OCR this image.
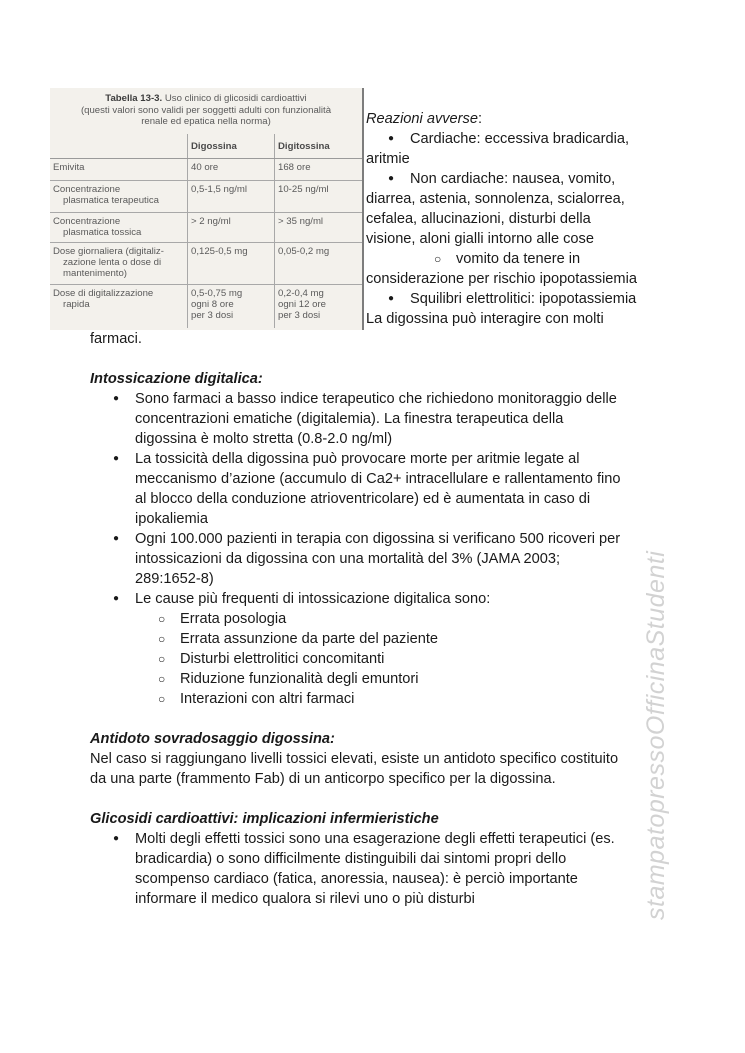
Tabella 13-3. Uso clinico di glicosidi cardioattivi
(questi valori sono validi per soggetti adulti con funzionalità
renale ed epatica nella norma)
	Digossina	Digitossina
Emivita	40 ore	168 ore
Concentrazione
plasmatica terapeutica	0,5-1,5 ng/ml	10-25 ng/ml
Concentrazione
plasmatica tossica	> 2 ng/ml	> 35 ng/ml
Dose giornaliera (digitaliz-
zazione lenta o dose di
mantenimento)	0,125-0,5 mg	0,05-0,2 mg
Dose di digitalizzazione
rapida	0,5-0,75 mg
ogni 8 ore
per 3 dosi	0,2-0,4 mg
ogni 12 ore
per 3 dosi
Reazioni avverse:
● Cardiache: eccessiva bradicardia,
aritmie
● Non cardiache: nausea, vomito,
diarrea, astenia, sonnolenza, scialorrea,
cefalea, allucinazioni, disturbi della
visione, aloni gialli intorno alle cose
○ vomito da tenere in
considerazione per rischio ipopotassiemia
● Squilibri elettrolitici: ipopotassiemia
La digossina può interagire con molti
farmaci.
Intossicazione digitalica:
● Sono farmaci a basso indice terapeutico che richiedono monitoraggio delle
concentrazioni ematiche (digitalemia). La finestra terapeutica della
digossina è molto stretta (0.8-2.0 ng/ml)
● La tossicità della digossina può provocare morte per aritmie legate al
meccanismo d’azione (accumulo di Ca2+ intracellulare e rallentamento fino
al blocco della conduzione atrioventricolare) ed è aumentata in caso di
ipokaliemia
● Ogni 100.000 pazienti in terapia con digossina si verificano 500 ricoveri per
intossicazioni da digossina con una mortalità del 3% (JAMA 2003;
289:1652-8)
● Le cause più frequenti di intossicazione digitalica sono:
○ Errata posologia
○ Errata assunzione da parte del paziente
○ Disturbi elettrolitici concomitanti
○ Riduzione funzionalità degli emuntori
○ Interazioni con altri farmaci
Antidoto sovradosaggio digossina:
Nel caso si raggiungano livelli tossici elevati, esiste un antidoto specifico costituito
da una parte (frammento Fab) di un anticorpo specifico per la digossina.
Glicosidi cardioattivi: implicazioni infermieristiche
● Molti degli effetti tossici sono una esagerazione degli effetti terapeutici (es.
bradicardia) o sono difficilmente distinguibili dai sintomi propri dello
scompenso cardiaco (fatica, anoressia, nausea): è perciò importante
informare il medico qualora si rilevi uno o più disturbi	stampatopressoOfficinaStudenti
